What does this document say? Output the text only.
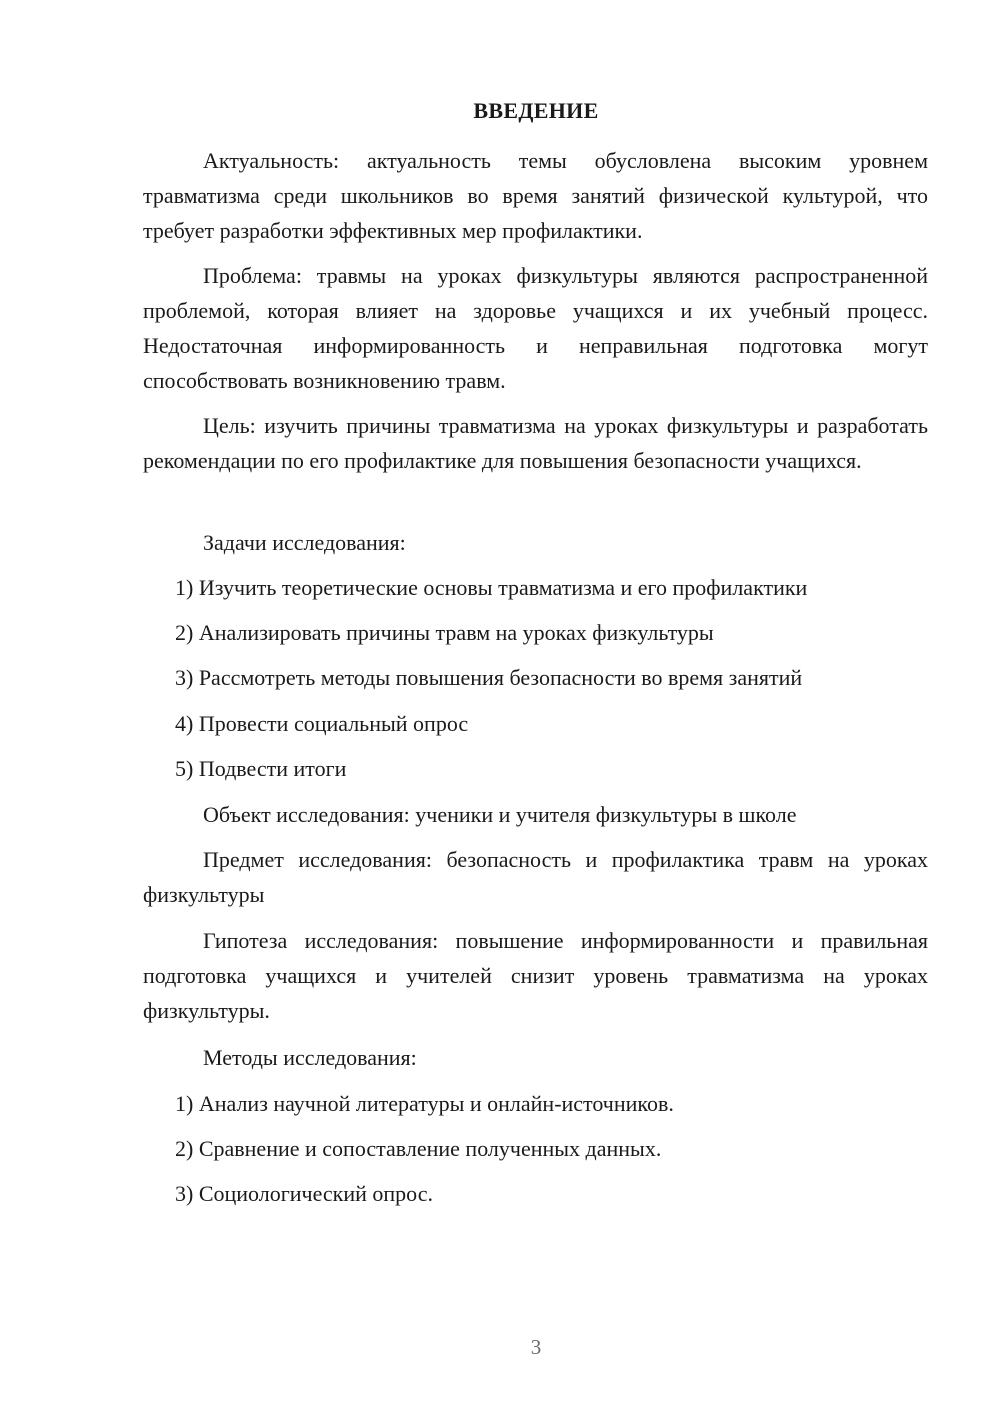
ВВЕДЕНИЕ

Актуальность: актуальность темы обусловлена высоким уровнем травматизма среди школьников во время занятий физической культурой, что требует разработки эффективных мер профилактики.

Проблема: травмы на уроках физкультуры являются распространенной проблемой, которая влияет на здоровье учащихся и их учебный процесс. Недостаточная информированность и неправильная подготовка могут способствовать возникновению травм.

Цель: изучить причины травматизма на уроках физкультуры и разработать рекомендации по его профилактике для повышения безопасности учащихся.

Задачи исследования:

1) Изучить теоретические основы травматизма и его профилактики

2) Анализировать причины травм на уроках физкультуры

3) Рассмотреть методы повышения безопасности во время занятий

4) Провести социальный опрос

5) Подвести итоги

Объект исследования: ученики и учителя физкультуры в школе

Предмет исследования: безопасность и профилактика травм на уроках физкультуры

Гипотеза исследования: повышение информированности и правильная подготовка учащихся и учителей снизит уровень травматизма на уроках физкультуры.

Методы исследования:

1) Анализ научной литературы и онлайн-источников.

2) Сравнение и сопоставление полученных данных.

3) Социологический опрос.

3
